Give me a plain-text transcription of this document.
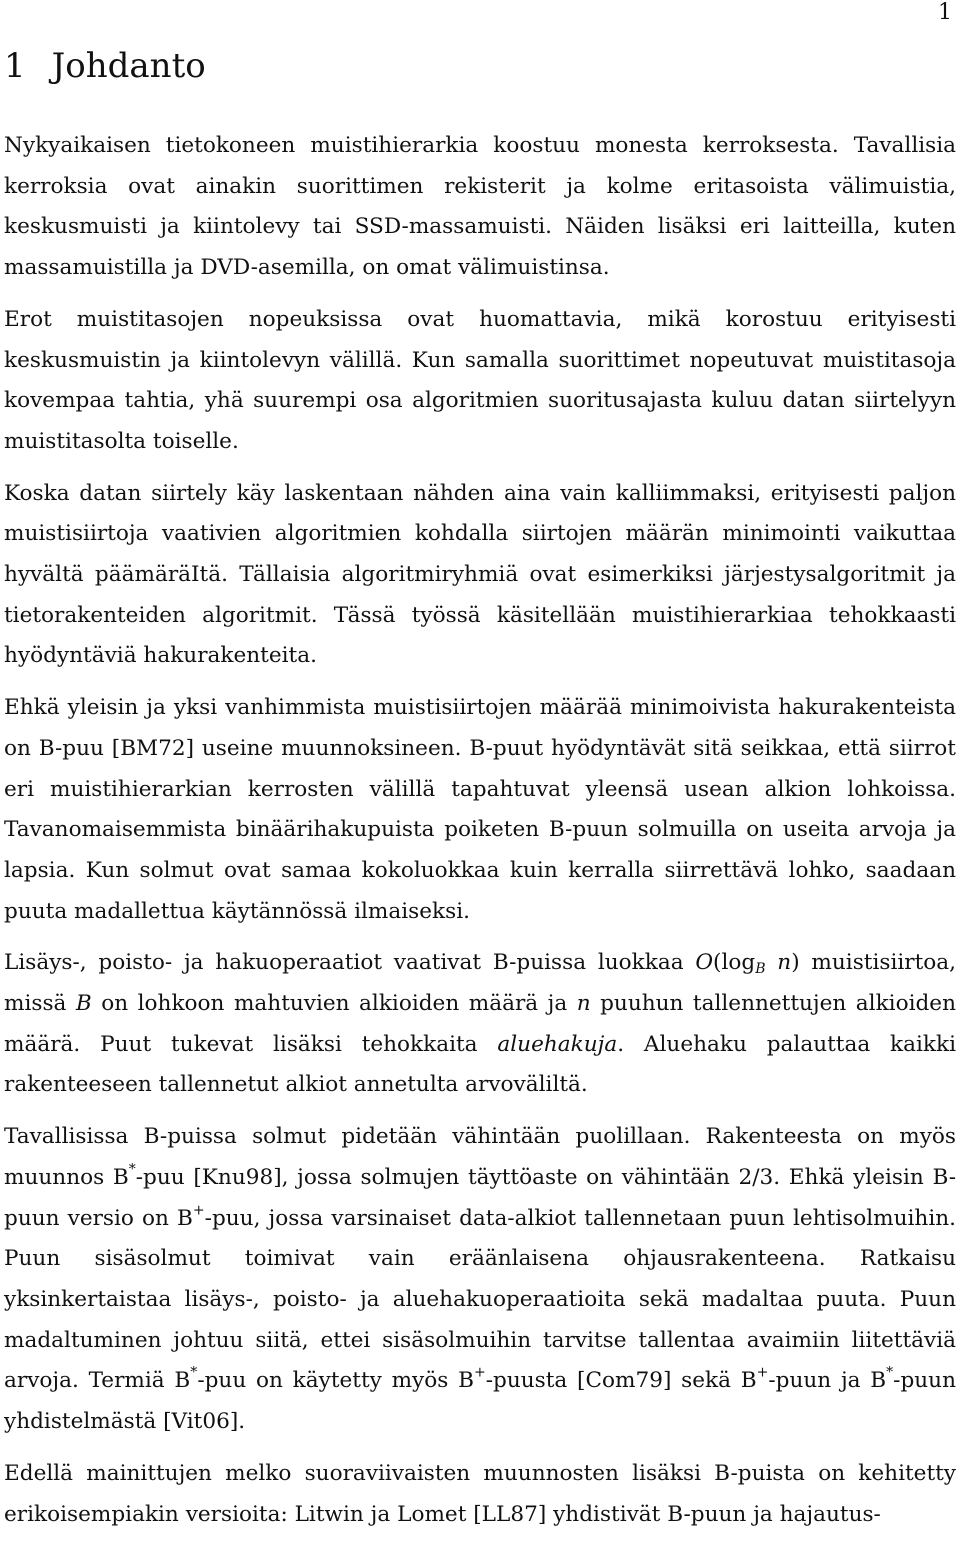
1
1 Johdanto

Nykyaikaisen tietokoneen muistihierarkia koostuu monesta kerroksesta. Tavallisia kerroksia ovat ainakin suorittimen rekisterit ja kolme eritasoista välimuistia, keskusmuisti ja kiintolevy tai SSD-massamuisti. Näiden lisäksi eri laitteilla, kuten massamuistilla ja DVD-asemilla, on omat välimuistinsa.

Erot muistitasojen nopeuksissa ovat huomattavia, mikä korostuu erityisesti keskusmuistin ja kiintolevyn välillä. Kun samalla suorittimet nopeutuvat muistitasoja kovempaa tahtia, yhä suurempi osa algoritmien suoritusajasta kuluu datan siirtelyyn muistitasolta toiselle.

Koska datan siirtely käy laskentaan nähden aina vain kalliimmaksi, erityisesti paljon muistisiirtoja vaativien algoritmien kohdalla siirtojen määrän minimointi vaikuttaa hyvältä päämäräItä. Tällaisia algoritmiryhmiä ovat esimerkiksi järjestysalgoritmit ja tietorakenteiden algoritmit. Tässä työssä käsitellään muistihierarkiaa tehokkaasti hyödyntäviä hakurakenteita.

Ehkä yleisin ja yksi vanhimmista muistisiirtojen määrää minimoivista hakurakenteista on B-puu [BM72] useine muunnoksineen. B-puut hyödyntävät sitä seikkaa, että siirrot eri muistihierarkian kerrosten välillä tapahtuvat yleensä usean alkion lohkoissa. Tavanomaisemmista binäärihakupuista poiketen B-puun solmuilla on useita arvoja ja lapsia. Kun solmut ovat samaa kokoluokkaa kuin kerralla siirrettävä lohko, saadaan puuta madallettua käytännössä ilmaiseksi.

Lisäys-, poisto- ja hakuoperaatiot vaativat B-puissa luokkaa $O(\log_B$ n) muistisiirtoa, missä B on lohkoon mahtuvien alkioiden määrä ja n puuhun tallennettujen alkioiden määrä. Puut tukevat lisäksi tehokkaita aluehakuja. Aluehaku palauttaa kaikki rakenteeseen tallennetut alkiot annetulta arvoväliltä.

Tavallisissa B-puissa solmut pidetään vähintään puolillaan. Rakenteesta on myös muunnos B*-puu [Knu98], jossa solmujen täyttöaste on vähintään 2/3. Ehkä yleisin B-puun versio on B+-puu, jossa varsinaiset data-alkiot tallennetaan puun lehtisolmuihin. Puun sisäsolmut toimivat vain eräänlaisena ohjausrakenteena. Ratkaisu yksinkertaistaa lisäys-, poisto- ja aluehakuoperaatioita sekä madaltaa puuta. Puun madaltuminen johtuu siitä, ettei sisäsolmuihin tarvitse tallentaa avaimiin liitettäviä arvoja. Termiä B*-puu on käytetty myös B+-puusta [Com79] sekä B+-puun ja B*-puun yhdistelmästä [Vit06].

Edellä mainittujen melko suoraviivaisten muunnosten lisäksi B-puista on kehitetty erikoisempiakin versioita: Litwin ja Lomet [LL87] yhdistivät B-puun ja hajautus-
